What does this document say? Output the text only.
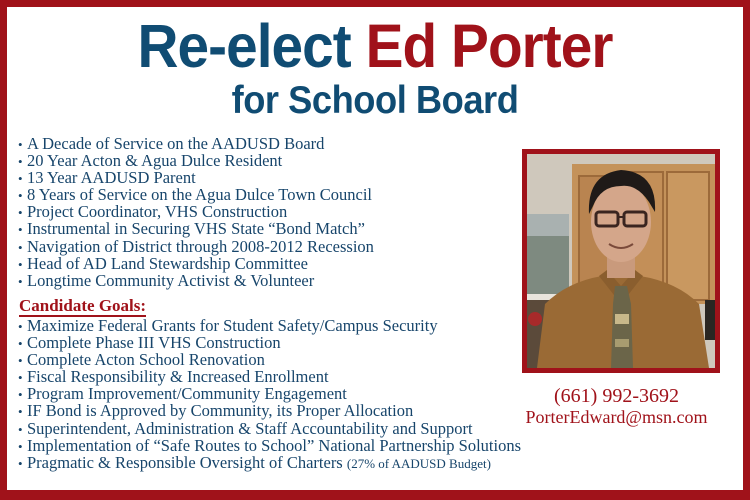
Re-elect Ed Porter
for School Board
• A Decade of Service on the AADUSD Board
• 20 Year Acton & Agua Dulce Resident
• 13 Year AADUSD Parent
• 8 Years of Service on the Agua Dulce Town Council
• Project Coordinator, VHS Construction
• Instrumental in Securing VHS State “Bond Match”
• Navigation of District through 2008-2012 Recession
• Head of AD Land Stewardship Committee
• Longtime Community Activist & Volunteer
Candidate Goals:
• Maximize Federal Grants for Student Safety/Campus Security
• Complete Phase III VHS Construction
• Complete Acton School Renovation
• Fiscal Responsibility & Increased Enrollment
• Program Improvement/Community Engagement
• IF Bond is Approved by Community, its Proper Allocation
• Superintendent, Administration & Staff Accountability and Support
• Implementation of “Safe Routes to School” National Partnership Solutions
• Pragmatic & Responsible Oversight of Charters (27% of AADUSD Budget)
(661) 992-3692
PorterEdward@msn.com
